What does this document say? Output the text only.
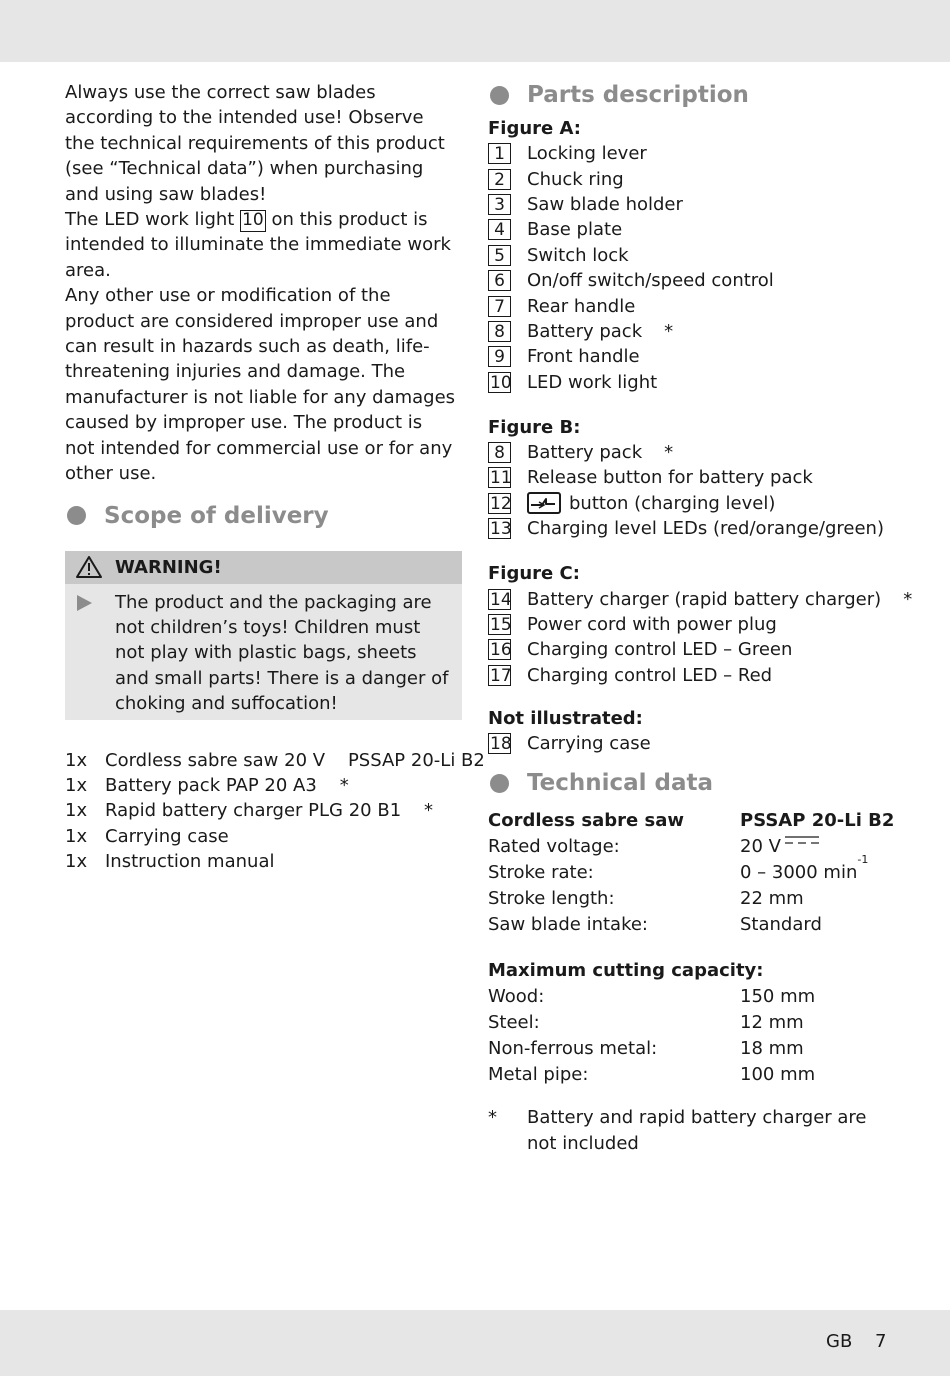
Always use the correct saw blades according to the intended use! Observe the technical requirements of this product (see “Technical data”) when purchasing and using saw blades!

The LED work light 10 on this product is intended to illuminate the immediate work area.

Any other use or modification of the product are considered improper use and can result in hazards such as death, life-threatening injuries and damage. The manufacturer is not liable for any damages caused by improper use. The product is not intended for commercial use or for any other use.

Scope of delivery
WARNING!
The product and the packaging are not children’s toys! Children must not play with plastic bags, sheets and small parts! There is a danger of choking and suffocation!
1x Cordless sabre saw 20 V    PSSAP 20-Li B2
1x Battery pack PAP 20 A3    *
1x Rapid battery charger PLG 20 B1    *
1x Carrying case
1x Instruction manual
Parts description
Figure A:
1	Locking lever
2	Chuck ring
3	Saw blade holder
4	Base plate
5	Switch lock
6	On/off switch/speed control
7	Rear handle
8	Battery pack *
9	Front handle
10 LED work light
Figure B:
8	Battery pack *
11 Release button for battery pack
12	button (charging level)
13 Charging level LEDs (red/orange/green)
Figure C:
14 Battery charger (rapid battery charger) *
15 Power cord with power plug
16 Charging control LED – Green
17 Charging control LED – Red
Not illustrated:
18 Carrying case
Technical data
Cordless sabre saw	PSSAP 20-Li B2
Rated voltage:	20 V
Stroke rate:	0 – 3000 min
-1
Stroke length:	22 mm
Saw blade intake:	Standard
Maximum cutting capacity:
Wood:	150 mm
Steel:	12 mm
Non-ferrous metal:	18 mm
Metal pipe:	100 mm
*	Battery and rapid battery charger are not included
GB 7
